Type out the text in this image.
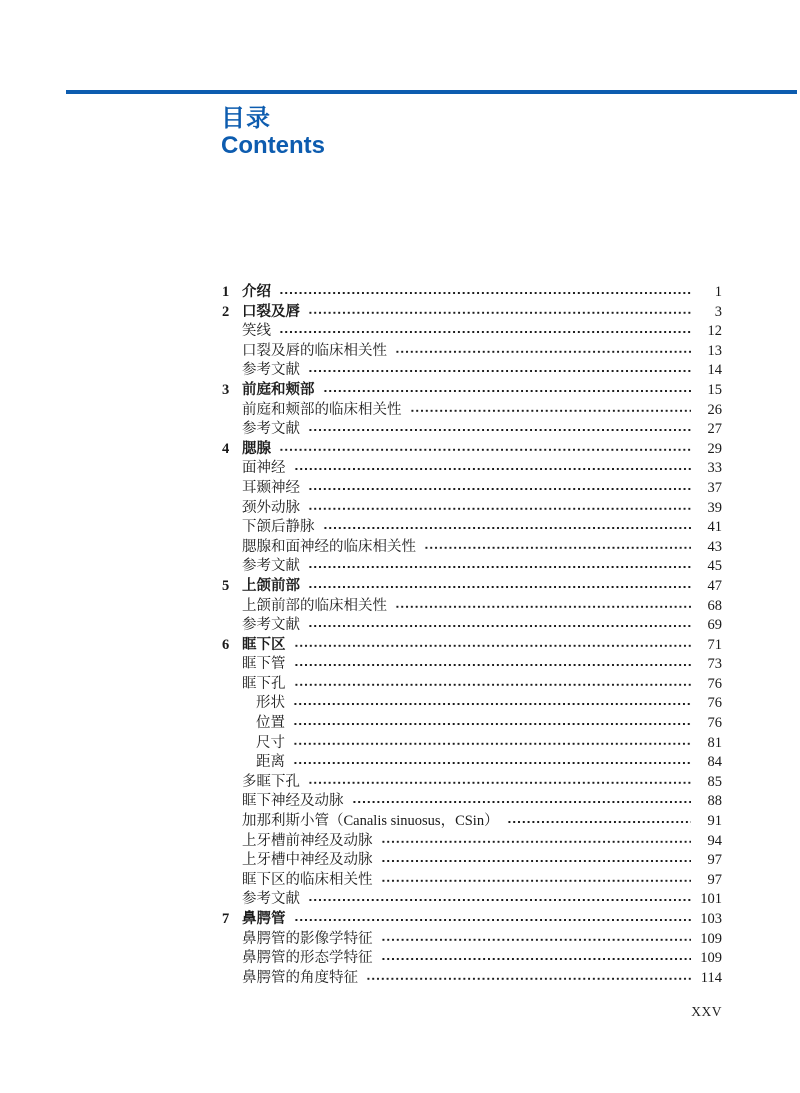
目录
Contents
1 介绍	1
2 口裂及唇	3
笑线	12
口裂及唇的临床相关性	13
参考文献	14
3 前庭和颊部	15
前庭和颊部的临床相关性	26
参考文献	27
4 腮腺	29
面神经	33
耳颞神经	37
颈外动脉	39
下颌后静脉	41
腮腺和面神经的临床相关性	43
参考文献	45
5 上颌前部	47
上颌前部的临床相关性	68
参考文献	69
6 眶下区	71
眶下管	73
眶下孔	76
形状	76
位置	76
尺寸	81
距离	84
多眶下孔	85
眶下神经及动脉	88
加那利斯小管（Canalis sinuosus，CSin）	91
上牙槽前神经及动脉	94
上牙槽中神经及动脉	97
眶下区的临床相关性	97
参考文献	101
7 鼻腭管	103
鼻腭管的影像学特征	109
鼻腭管的形态学特征	109
鼻腭管的角度特征	114
XXV
